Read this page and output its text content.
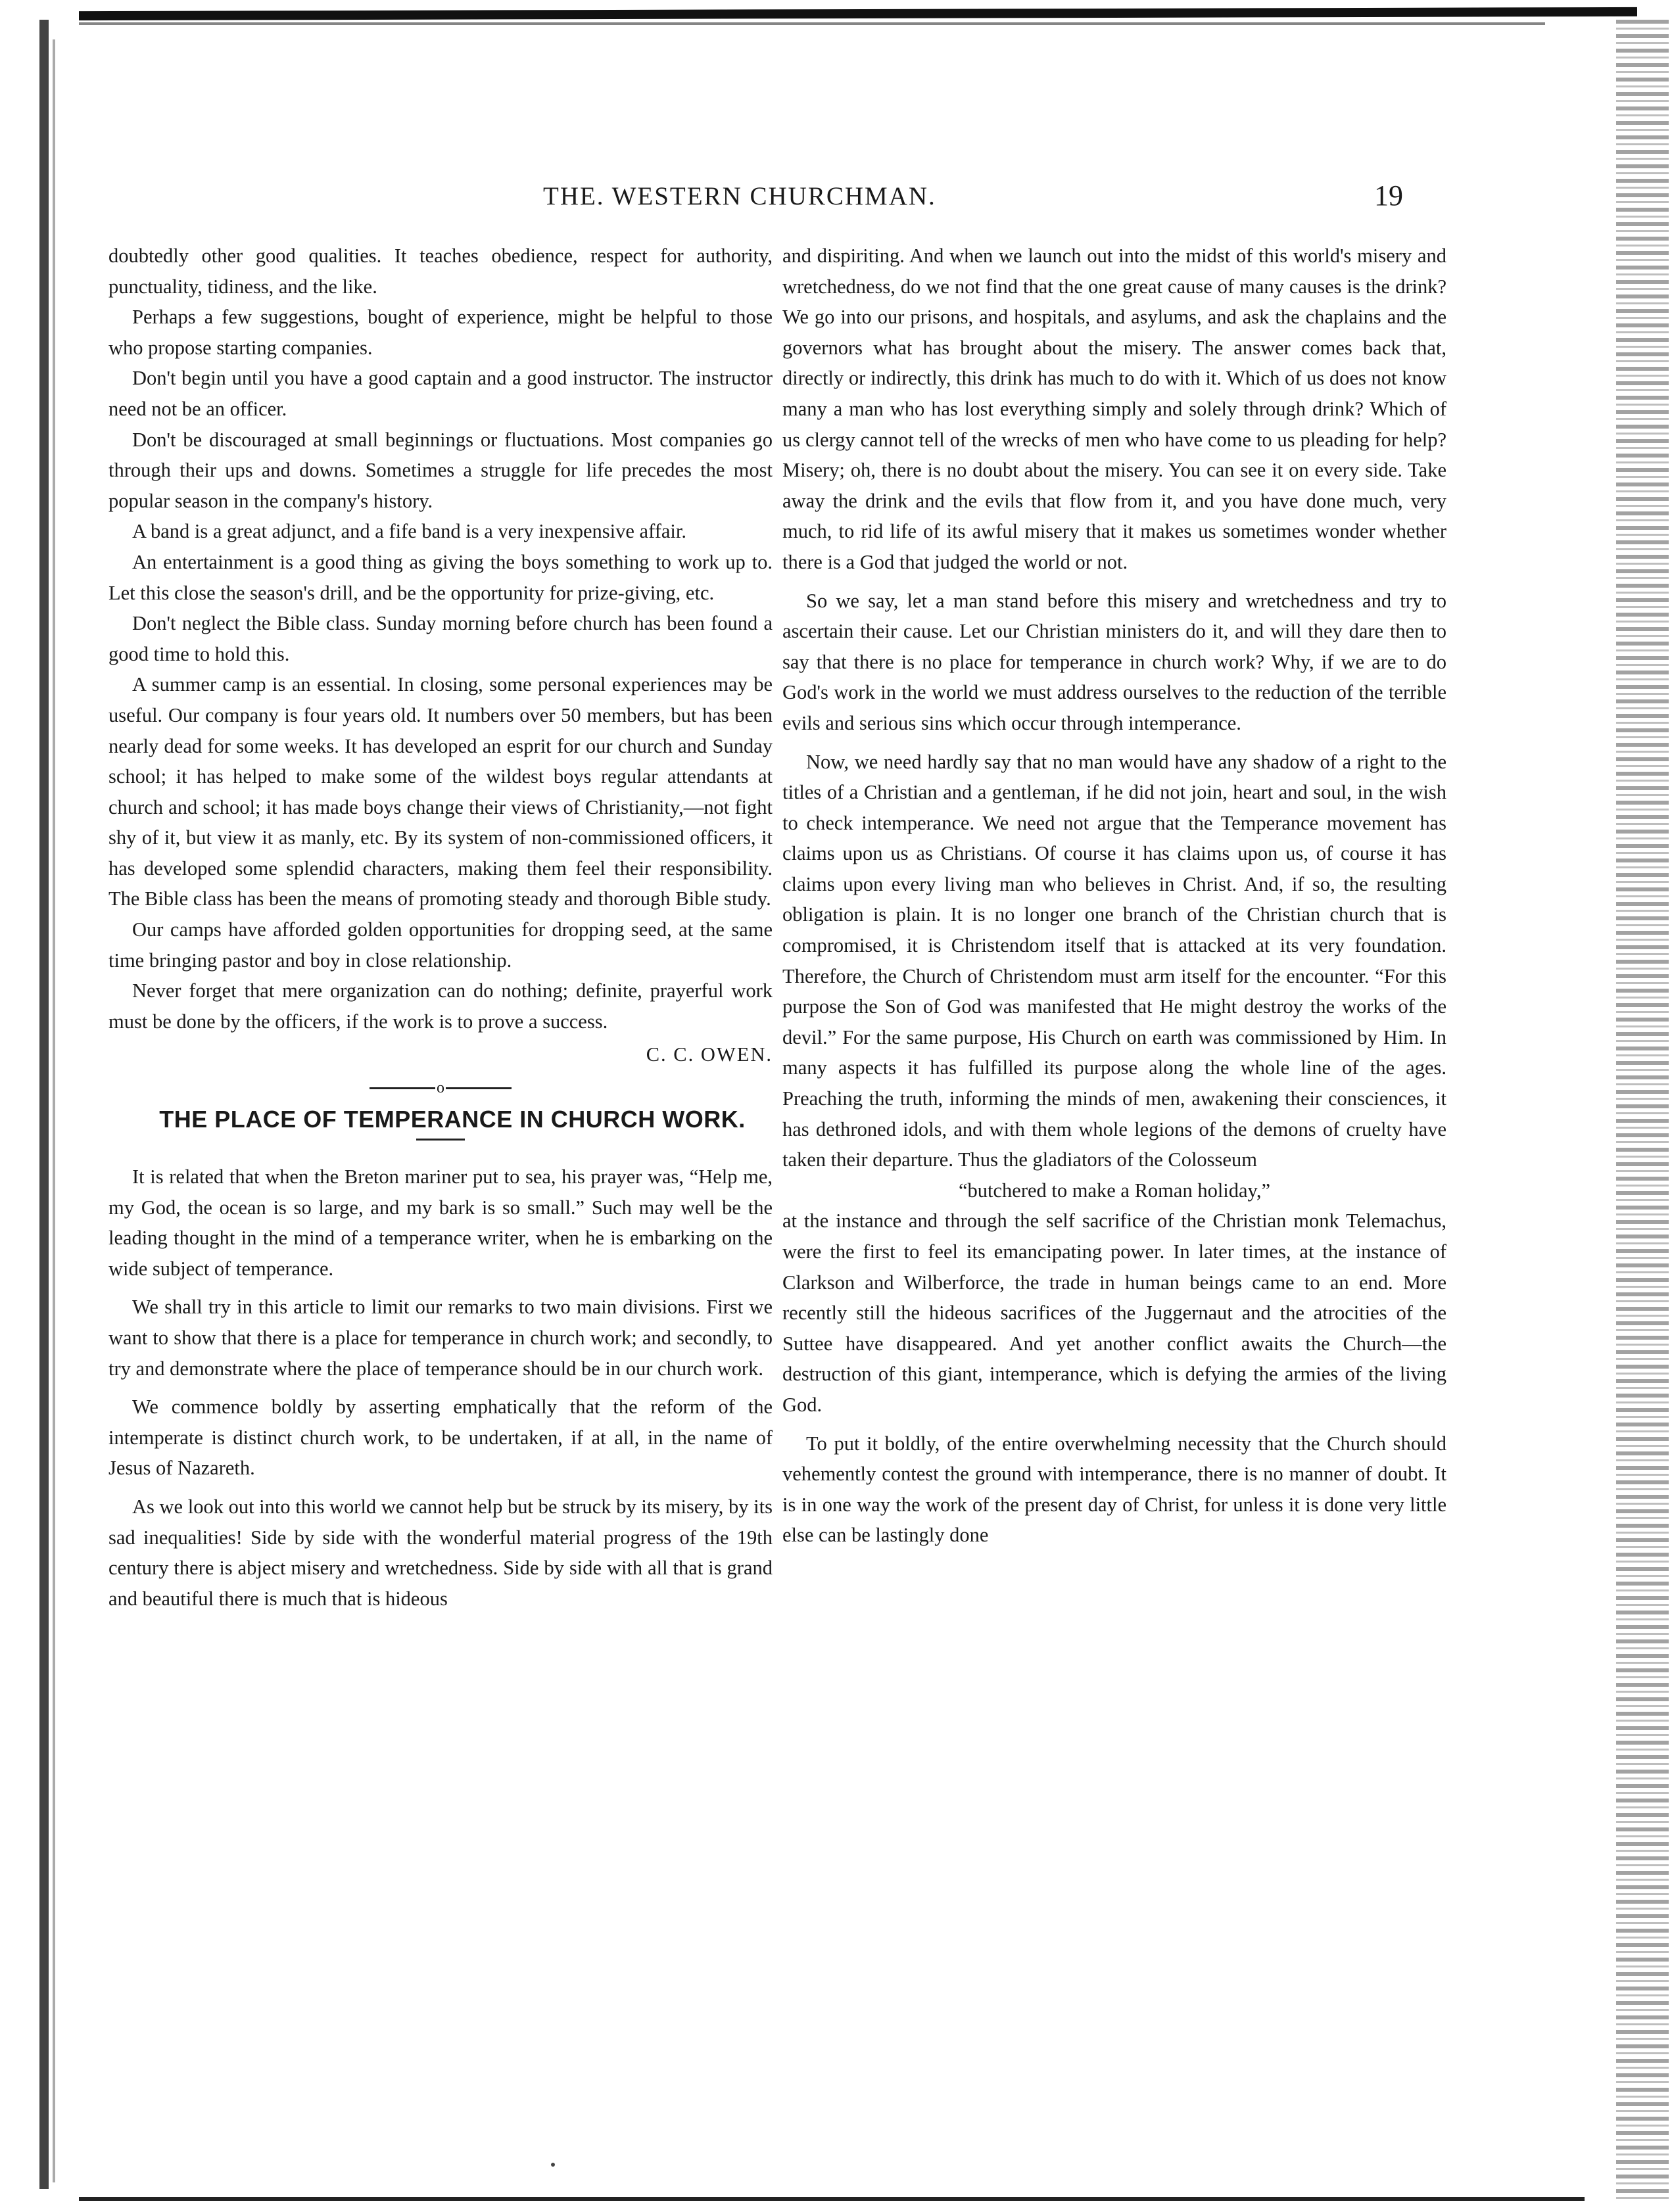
THE. WESTERN CHURCHMAN.	19

doubtedly other good qualities. It teaches obedience, respect for authority, punctuality, tidiness, and the like.

Perhaps a few suggestions, bought of experience, might be helpful to those who propose starting companies.

Don't begin until you have a good captain and a good instructor. The instructor need not be an officer.

Don't be discouraged at small beginnings or fluctuations. Most companies go through their ups and downs. Sometimes a struggle for life precedes the most popular season in the company's history.

A band is a great adjunct, and a fife band is a very inexpensive affair.

An entertainment is a good thing as giving the boys something to work up to. Let this close the season's drill, and be the opportunity for prize-giving, etc.

Don't neglect the Bible class. Sunday morning before church has been found a good time to hold this.

A summer camp is an essential. In closing, some personal experiences may be useful. Our company is four years old. It numbers over 50 members, but has been nearly dead for some weeks. It has developed an esprit for our church and Sunday school; it has helped to make some of the wildest boys regular attendants at church and school; it has made boys change their views of Christianity,—not fight shy of it, but view it as manly, etc. By its system of non-commissioned officers, it has developed some splendid characters, making them feel their responsibility. The Bible class has been the means of promoting steady and thorough Bible study.

Our camps have afforded golden opportunities for dropping seed, at the same time bringing pastor and boy in close relationship.

Never forget that mere organization can do nothing; definite, prayerful work must be done by the officers, if the work is to prove a success.

C. C. OWEN.

o

THE PLACE OF TEMPERANCE IN CHURCH WORK.

It is related that when the Breton mariner put to sea, his prayer was, “Help me, my God, the ocean is so large, and my bark is so small.” Such may well be the leading thought in the mind of a temperance writer, when he is embarking on the wide subject of temperance.

We shall try in this article to limit our remarks to two main divisions. First we want to show that there is a place for temperance in church work; and secondly, to try and demonstrate where the place of temperance should be in our church work.

We commence boldly by asserting emphatically that the reform of the intemperate is distinct church work, to be undertaken, if at all, in the name of Jesus of Nazareth.

As we look out into this world we cannot help but be struck by its misery, by its sad inequalities! Side by side with the wonderful material progress of the 19th century there is abject misery and wretchedness. Side by side with all that is grand and beautiful there is much that is hideous

and dispiriting. And when we launch out into the midst of this world's misery and wretchedness, do we not find that the one great cause of many causes is the drink? We go into our prisons, and hospitals, and asylums, and ask the chaplains and the governors what has brought about the misery. The answer comes back that, directly or indirectly, this drink has much to do with it. Which of us does not know many a man who has lost everything simply and solely through drink? Which of us clergy cannot tell of the wrecks of men who have come to us pleading for help? Misery; oh, there is no doubt about the misery. You can see it on every side. Take away the drink and the evils that flow from it, and you have done much, very much, to rid life of its awful misery that it makes us sometimes wonder whether there is a God that judged the world or not.

So we say, let a man stand before this misery and wretchedness and try to ascertain their cause. Let our Christian ministers do it, and will they dare then to say that there is no place for temperance in church work? Why, if we are to do God's work in the world we must address ourselves to the reduction of the terrible evils and serious sins which occur through intemperance.

Now, we need hardly say that no man would have any shadow of a right to the titles of a Christian and a gentleman, if he did not join, heart and soul, in the wish to check intemperance. We need not argue that the Temperance movement has claims upon us as Christians. Of course it has claims upon us, of course it has claims upon every living man who believes in Christ. And, if so, the resulting obligation is plain. It is no longer one branch of the Christian church that is compromised, it is Christendom itself that is attacked at its very foundation. Therefore, the Church of Christendom must arm itself for the encounter. “For this purpose the Son of God was manifested that He might destroy the works of the devil.” For the same purpose, His Church on earth was commissioned by Him. In many aspects it has fulfilled its purpose along the whole line of the ages. Preaching the truth, informing the minds of men, awakening their consciences, it has dethroned idols, and with them whole legions of the demons of cruelty have taken their departure. Thus the gladiators of the Colosseum

“butchered to make a Roman holiday,”

at the instance and through the self sacrifice of the Christian monk Telemachus, were the first to feel its emancipating power. In later times, at the instance of Clarkson and Wilberforce, the trade in human beings came to an end. More recently still the hideous sacrifices of the Juggernaut and the atrocities of the Suttee have disappeared. And yet another conflict awaits the Church—the destruction of this giant, intemperance, which is defying the armies of the living God.

To put it boldly, of the entire overwhelming necessity that the Church should vehemently contest the ground with intemperance, there is no manner of doubt. It is in one way the work of the present day of Christ, for unless it is done very little else can be lastingly done
